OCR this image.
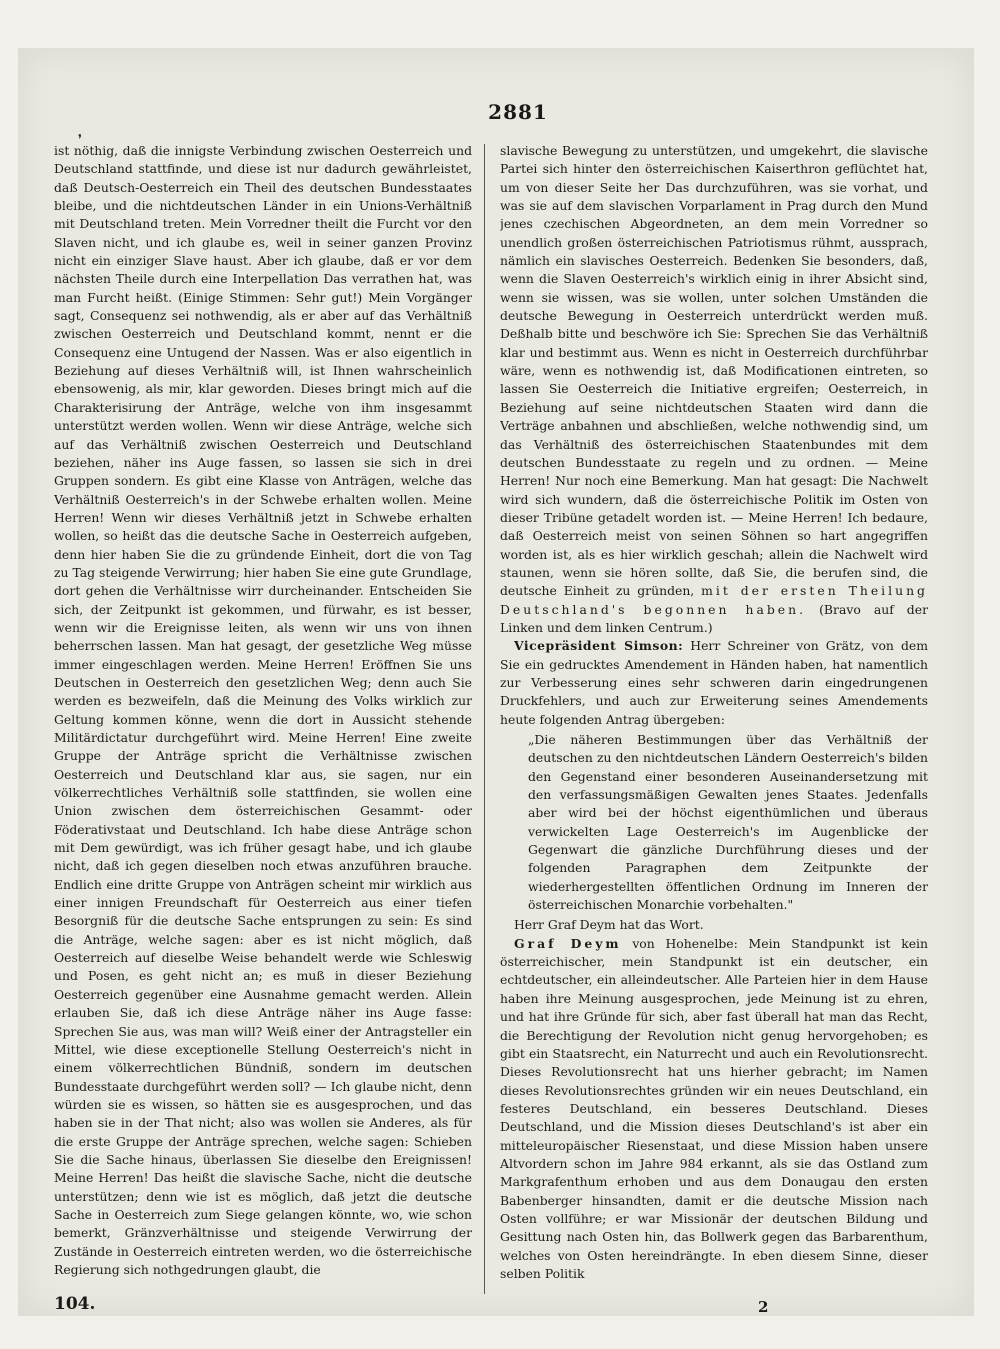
❜
2881

ist nöthig, daß die innigste Verbindung zwischen Oesterreich und Deutschland stattfinde, und diese ist nur dadurch gewährleistet, daß Deutsch-Oesterreich ein Theil des deutschen Bundesstaates bleibe, und die nichtdeutschen Länder in ein Unions-Verhältniß mit Deutschland treten. Mein Vorredner theilt die Furcht vor den Slaven nicht, und ich glaube es, weil in seiner ganzen Provinz nicht ein einziger Slave haust. Aber ich glaube, daß er vor dem nächsten Theile durch eine Interpellation Das verrathen hat, was man Furcht heißt. (Einige Stimmen: Sehr gut!) Mein Vorgänger sagt, Consequenz sei nothwendig, als er aber auf das Verhältniß zwischen Oesterreich und Deutschland kommt, nennt er die Consequenz eine Untugend der Nassen. Was er also eigentlich in Beziehung auf dieses Verhältniß will, ist Ihnen wahrscheinlich ebensowenig, als mir, klar geworden. Dieses bringt mich auf die Charakterisirung der Anträge, welche von ihm insgesammt unterstützt werden wollen. Wenn wir diese Anträge, welche sich auf das Verhältniß zwischen Oesterreich und Deutschland beziehen, näher ins Auge fassen, so lassen sie sich in drei Gruppen sondern. Es gibt eine Klasse von Anträgen, welche das Verhältniß Oesterreich's in der Schwebe erhalten wollen. Meine Herren! Wenn wir dieses Verhältniß jetzt in Schwebe erhalten wollen, so heißt das die deutsche Sache in Oesterreich aufgeben, denn hier haben Sie die zu gründende Einheit, dort die von Tag zu Tag steigende Verwirrung; hier haben Sie eine gute Grundlage, dort gehen die Verhältnisse wirr durcheinander. Entscheiden Sie sich, der Zeitpunkt ist gekommen, und fürwahr, es ist besser, wenn wir die Ereignisse leiten, als wenn wir uns von ihnen beherrschen lassen. Man hat gesagt, der gesetzliche Weg müsse immer eingeschlagen werden. Meine Herren! Eröffnen Sie uns Deutschen in Oesterreich den gesetzlichen Weg; denn auch Sie werden es bezweifeln, daß die Meinung des Volks wirklich zur Geltung kommen könne, wenn die dort in Aussicht stehende Militärdictatur durchgeführt wird. Meine Herren! Eine zweite Gruppe der Anträge spricht die Verhältnisse zwischen Oesterreich und Deutschland klar aus, sie sagen, nur ein völkerrechtliches Verhältniß solle stattfinden, sie wollen eine Union zwischen dem österreichischen Gesammt- oder Föderativstaat und Deutschland. Ich habe diese Anträge schon mit Dem gewürdigt, was ich früher gesagt habe, und ich glaube nicht, daß ich gegen dieselben noch etwas anzuführen brauche. Endlich eine dritte Gruppe von Anträgen scheint mir wirklich aus einer innigen Freundschaft für Oesterreich aus einer tiefen Besorgniß für die deutsche Sache entsprungen zu sein: Es sind die Anträge, welche sagen: aber es ist nicht möglich, daß Oesterreich auf dieselbe Weise behandelt werde wie Schleswig und Posen, es geht nicht an; es muß in dieser Beziehung Oesterreich gegenüber eine Ausnahme gemacht werden. Allein erlauben Sie, daß ich diese Anträge näher ins Auge fasse: Sprechen Sie aus, was man will? Weiß einer der Antragsteller ein Mittel, wie diese exceptionelle Stellung Oesterreich's nicht in einem völkerrechtlichen Bündniß, sondern im deutschen Bundesstaate durchgeführt werden soll? — Ich glaube nicht, denn würden sie es wissen, so hätten sie es ausgesprochen, und das haben sie in der That nicht; also was wollen sie Anderes, als für die erste Gruppe der Anträge sprechen, welche sagen: Schieben Sie die Sache hinaus, überlassen Sie dieselbe den Ereignissen! Meine Herren! Das heißt die slavische Sache, nicht die deutsche unterstützen; denn wie ist es möglich, daß jetzt die deutsche Sache in Oesterreich zum Siege gelangen könnte, wo, wie schon bemerkt, Gränzverhältnisse und steigende Verwirrung der Zustände in Oesterreich eintreten werden, wo die österreichische Regierung sich nothgedrungen glaubt, die

slavische Bewegung zu unterstützen, und umgekehrt, die slavische Partei sich hinter den österreichischen Kaiserthron geflüchtet hat, um von dieser Seite her Das durchzuführen, was sie vorhat, und was sie auf dem slavischen Vorparlament in Prag durch den Mund jenes czechischen Abgeordneten, an dem mein Vorredner so unendlich großen österreichischen Patriotismus rühmt, aussprach, nämlich ein slavisches Oesterreich. Bedenken Sie besonders, daß, wenn die Slaven Oesterreich's wirklich einig in ihrer Absicht sind, wenn sie wissen, was sie wollen, unter solchen Umständen die deutsche Bewegung in Oesterreich unterdrückt werden muß. Deßhalb bitte und beschwöre ich Sie: Sprechen Sie das Verhältniß klar und bestimmt aus. Wenn es nicht in Oesterreich durchführbar wäre, wenn es nothwendig ist, daß Modificationen eintreten, so lassen Sie Oesterreich die Initiative ergreifen; Oesterreich, in Beziehung auf seine nichtdeutschen Staaten wird dann die Verträge anbahnen und abschließen, welche nothwendig sind, um das Verhältniß des österreichischen Staatenbundes mit dem deutschen Bundesstaate zu regeln und zu ordnen. — Meine Herren! Nur noch eine Bemerkung. Man hat gesagt: Die Nachwelt wird sich wundern, daß die österreichische Politik im Osten von dieser Tribüne getadelt worden ist. — Meine Herren! Ich bedaure, daß Oesterreich meist von seinen Söhnen so hart angegriffen worden ist, als es hier wirklich geschah; allein die Nachwelt wird staunen, wenn sie hören sollte, daß Sie, die berufen sind, die deutsche Einheit zu gründen, mit der ersten Theilung Deutschland's begonnen haben. (Bravo auf der Linken und dem linken Centrum.)

Vicepräsident Simson: Herr Schreiner von Grätz, von dem Sie ein gedrucktes Amendement in Händen haben, hat namentlich zur Verbesserung eines sehr schweren darin eingedrungenen Druckfehlers, und auch zur Erweiterung seines Amendements heute folgenden Antrag übergeben:

„Die näheren Bestimmungen über das Verhältniß der deutschen zu den nichtdeutschen Ländern Oesterreich's bilden den Gegenstand einer besonderen Auseinandersetzung mit den verfassungsmäßigen Gewalten jenes Staates. Jedenfalls aber wird bei der höchst eigenthümlichen und überaus verwickelten Lage Oesterreich's im Augenblicke der Gegenwart die gänzliche Durchführung dieses und der folgenden Paragraphen dem Zeitpunkte der wiederhergestellten öffentlichen Ordnung im Inneren der österreichischen Monarchie vorbehalten."

Herr Graf Deym hat das Wort.

Graf Deym von Hohenelbe: Mein Standpunkt ist kein österreichischer, mein Standpunkt ist ein deutscher, ein echtdeutscher, ein alleindeutscher. Alle Parteien hier in dem Hause haben ihre Meinung ausgesprochen, jede Meinung ist zu ehren, und hat ihre Gründe für sich, aber fast überall hat man das Recht, die Berechtigung der Revolution nicht genug hervorgehoben; es gibt ein Staatsrecht, ein Naturrecht und auch ein Revolutionsrecht. Dieses Revolutionsrecht hat uns hierher gebracht; im Namen dieses Revolutionsrechtes gründen wir ein neues Deutschland, ein festeres Deutschland, ein besseres Deutschland. Dieses Deutschland, und die Mission dieses Deutschland's ist aber ein mitteleuropäischer Riesenstaat, und diese Mission haben unsere Altvordern schon im Jahre 984 erkannt, als sie das Ostland zum Markgrafenthum erhoben und aus dem Donaugau den ersten Babenberger hinsandten, damit er die deutsche Mission nach Osten vollführe; er war Missionär der deutschen Bildung und Gesittung nach Osten hin, das Bollwerk gegen das Barbarenthum, welches von Osten hereindrängte. In eben diesem Sinne, dieser selben Politik

104.	2
